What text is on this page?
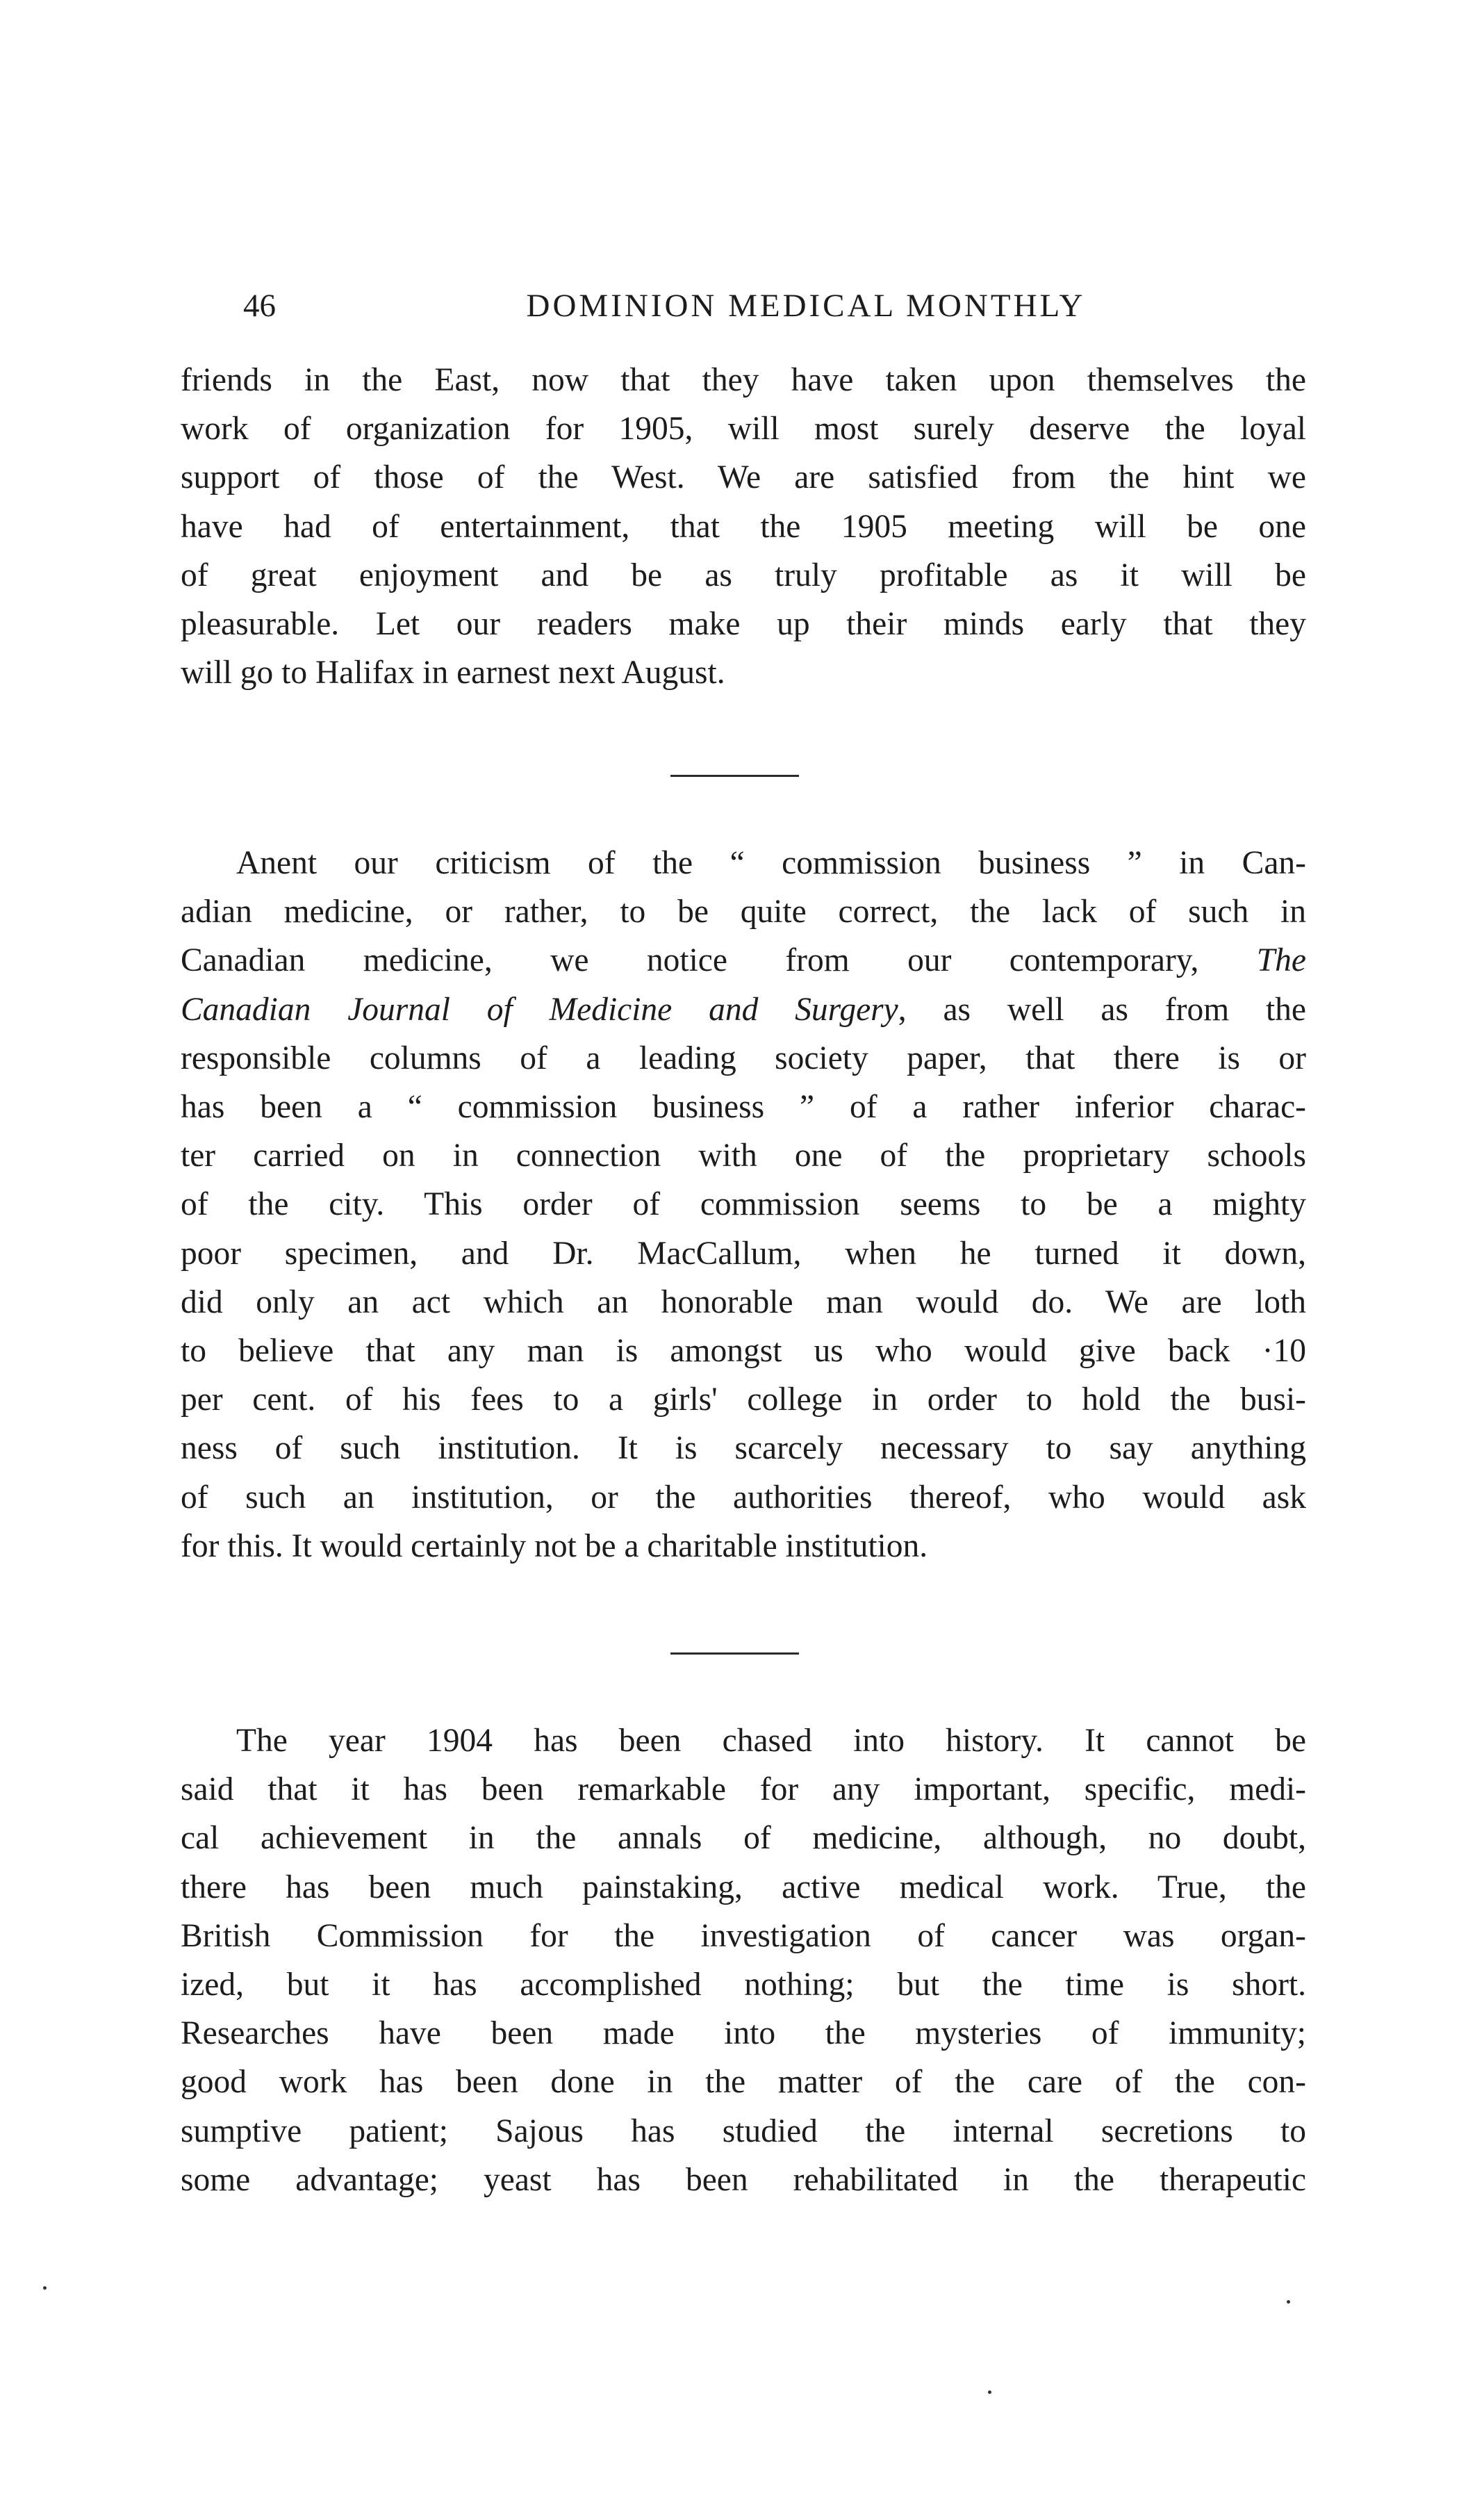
46	DOMINION MEDICAL MONTHLY

friends in the East, now that they have taken upon themselves the
work of organization for 1905, will most surely deserve the loyal
support of those of the West. We are satisfied from the hint we
have had of entertainment, that the 1905 meeting will be one
of great enjoyment and be as truly profitable as it will be
pleasurable. Let our readers make up their minds early that they
will go to Halifax in earnest next August.

Anent our criticism of the “ commission business ” in Can-
adian medicine, or rather, to be quite correct, the lack of such in
Canadian medicine, we notice from our contemporary, The
Canadian Journal of Medicine and Surgery, as well as from the
responsible columns of a leading society paper, that there is or
has been a “ commission business ” of a rather inferior charac-
ter carried on in connection with one of the proprietary schools
of the city. This order of commission seems to be a mighty
poor specimen, and Dr. MacCallum, when he turned it down,
did only an act which an honorable man would do. We are loth
to believe that any man is amongst us who would give back ·10
per cent. of his fees to a girls' college in order to hold the busi-
ness of such institution. It is scarcely necessary to say anything
of such an institution, or the authorities thereof, who would ask
for this. It would certainly not be a charitable institution.

The year 1904 has been chased into history. It cannot be
said that it has been remarkable for any important, specific, medi-
cal achievement in the annals of medicine, although, no doubt,
there has been much painstaking, active medical work. True, the
British Commission for the investigation of cancer was organ-
ized, but it has accomplished nothing; but the time is short.
Researches have been made into the mysteries of immunity;
good work has been done in the matter of the care of the con-
sumptive patient; Sajous has studied the internal secretions to
some advantage; yeast has been rehabilitated in the therapeutic
